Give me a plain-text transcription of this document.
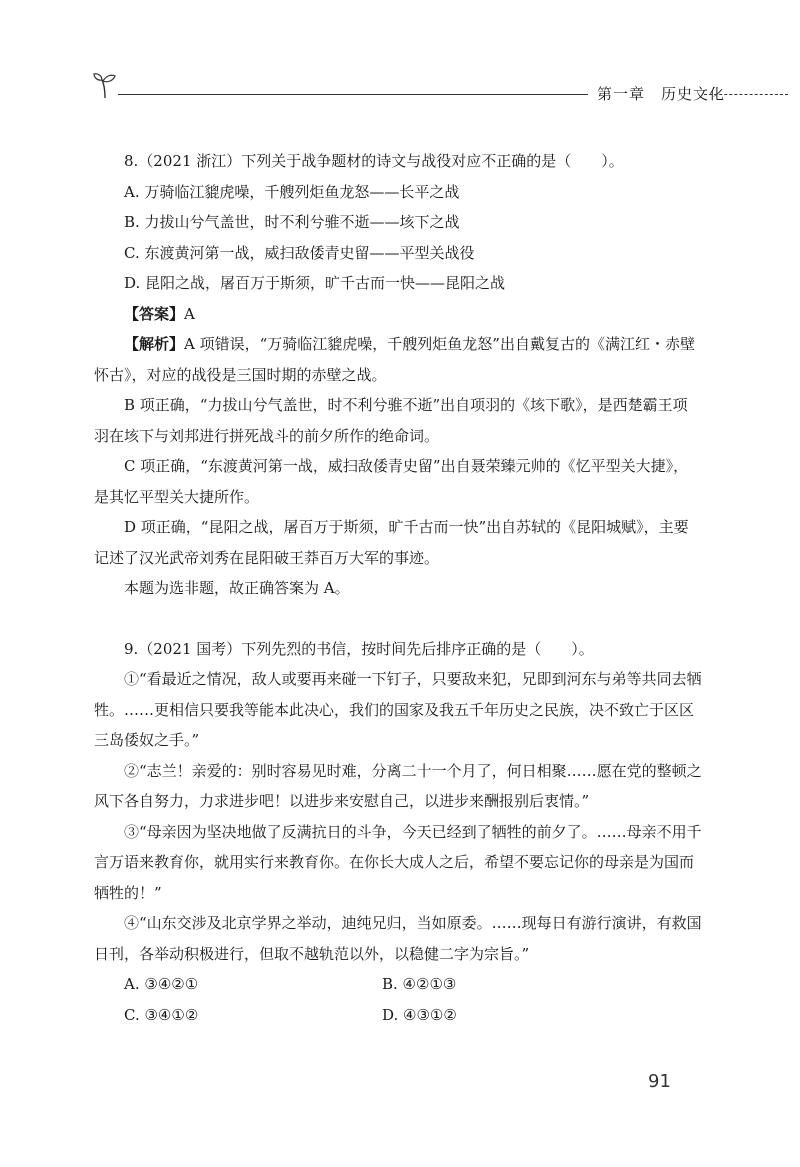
第一章　历史文化

8.（2021 浙江）下列关于战争题材的诗文与战役对应不正确的是（　　）。

A. 万骑临江貔虎噪，千艘列炬鱼龙怒——长平之战

B. 力拔山兮气盖世，时不利兮骓不逝——垓下之战

C. 东渡黄河第一战，威扫敌倭青史留——平型关战役

D. 昆阳之战，屠百万于斯须，旷千古而一快——昆阳之战

【答案】A

【解析】A 项错误，“万骑临江貔虎噪，千艘列炬鱼龙怒”出自戴复古的《满江红・赤壁怀古》，对应的战役是三国时期的赤壁之战。

B 项正确，“力拔山兮气盖世，时不利兮骓不逝”出自项羽的《垓下歌》，是西楚霸王项羽在垓下与刘邦进行拼死战斗的前夕所作的绝命词。

C 项正确，“东渡黄河第一战，威扫敌倭青史留”出自聂荣臻元帅的《忆平型关大捷》，是其忆平型关大捷所作。

D 项正确，“昆阳之战，屠百万于斯须，旷千古而一快”出自苏轼的《昆阳城赋》，主要记述了汉光武帝刘秀在昆阳破王莽百万大军的事迹。

本题为选非题，故正确答案为 A。

9.（2021 国考）下列先烈的书信，按时间先后排序正确的是（　　）。

①“看最近之情况，敌人或要再来碰一下钉子，只要敌来犯，兄即到河东与弟等共同去牺牲。……更相信只要我等能本此决心，我们的国家及我五千年历史之民族，决不致亡于区区三岛倭奴之手。”

②“志兰！亲爱的：别时容易见时难，分离二十一个月了，何日相聚……愿在党的整顿之风下各自努力，力求进步吧！以进步来安慰自己，以进步来酬报别后衷情。”

③“母亲因为坚决地做了反满抗日的斗争，今天已经到了牺牲的前夕了。……母亲不用千言万语来教育你，就用实行来教育你。在你长大成人之后，希望不要忘记你的母亲是为国而牺牲的！”

④“山东交涉及北京学界之举动，迪纯兄归，当如原委。……现每日有游行演讲，有救国日刊，各举动积极进行，但取不越轨范以外，以稳健二字为宗旨。”

A. ③④②①	B. ④②①③
C. ③④①②	D. ④③①②
91
